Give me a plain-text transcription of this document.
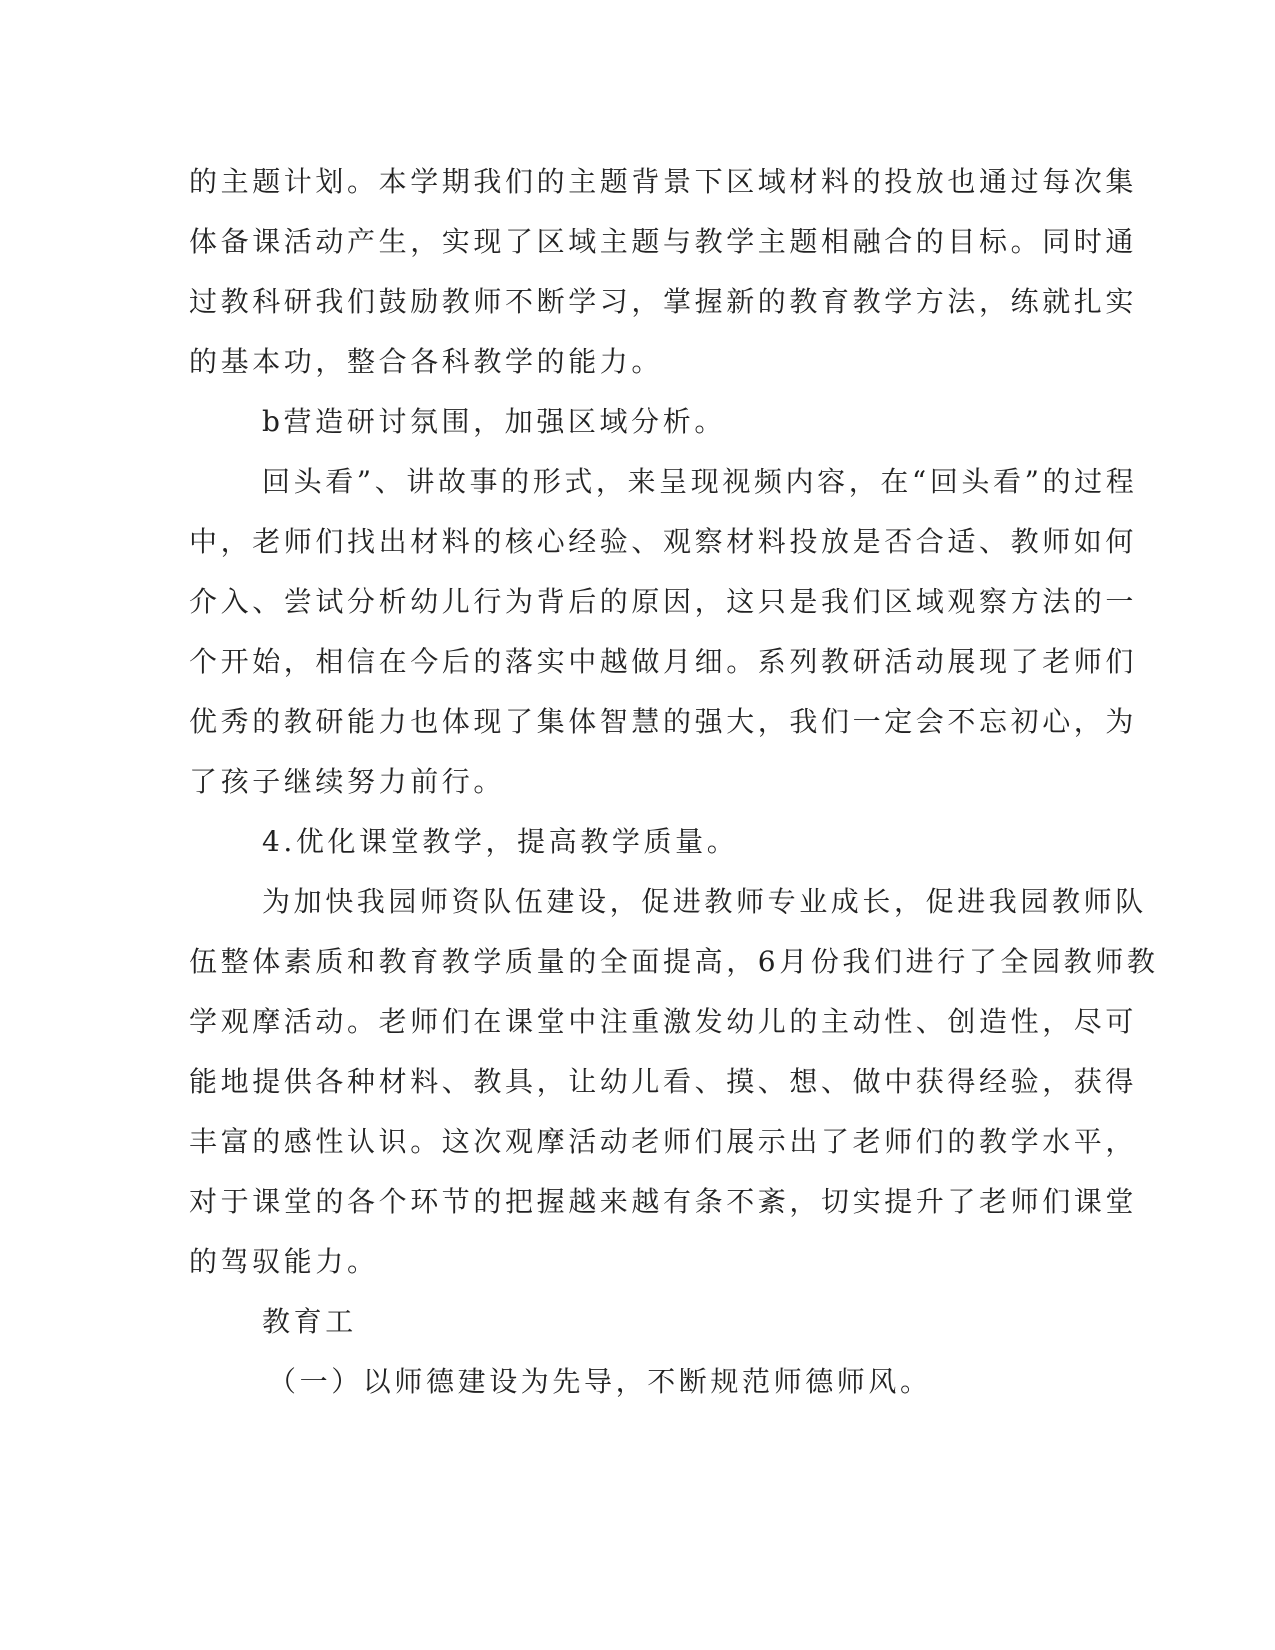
的主题计划。本学期我们的主题背景下区域材料的投放也通过每次集
体备课活动产生，实现了区域主题与教学主题相融合的目标。同时通
过教科研我们鼓励教师不断学习，掌握新的教育教学方法，练就扎实
的基本功，整合各科教学的能力。
b营造研讨氛围，加强区域分析。
回头看”、讲故事的形式，来呈现视频内容，在“回头看”的过程
中，老师们找出材料的核心经验、观察材料投放是否合适、教师如何
介入、尝试分析幼儿行为背后的原因，这只是我们区域观察方法的一
个开始，相信在今后的落实中越做月细。系列教研活动展现了老师们
优秀的教研能力也体现了集体智慧的强大，我们一定会不忘初心，为
了孩子继续努力前行。
4.优化课堂教学，提高教学质量。
为加快我园师资队伍建设，促进教师专业成长，促进我园教师队
伍整体素质和教育教学质量的全面提高，6月份我们进行了全园教师教
学观摩活动。老师们在课堂中注重激发幼儿的主动性、创造性，尽可
能地提供各种材料、教具，让幼儿看、摸、想、做中获得经验，获得
丰富的感性认识。这次观摩活动老师们展示出了老师们的教学水平，
对于课堂的各个环节的把握越来越有条不紊，切实提升了老师们课堂
的驾驭能力。
教育工
（一）以师德建设为先导，不断规范师德师风。
